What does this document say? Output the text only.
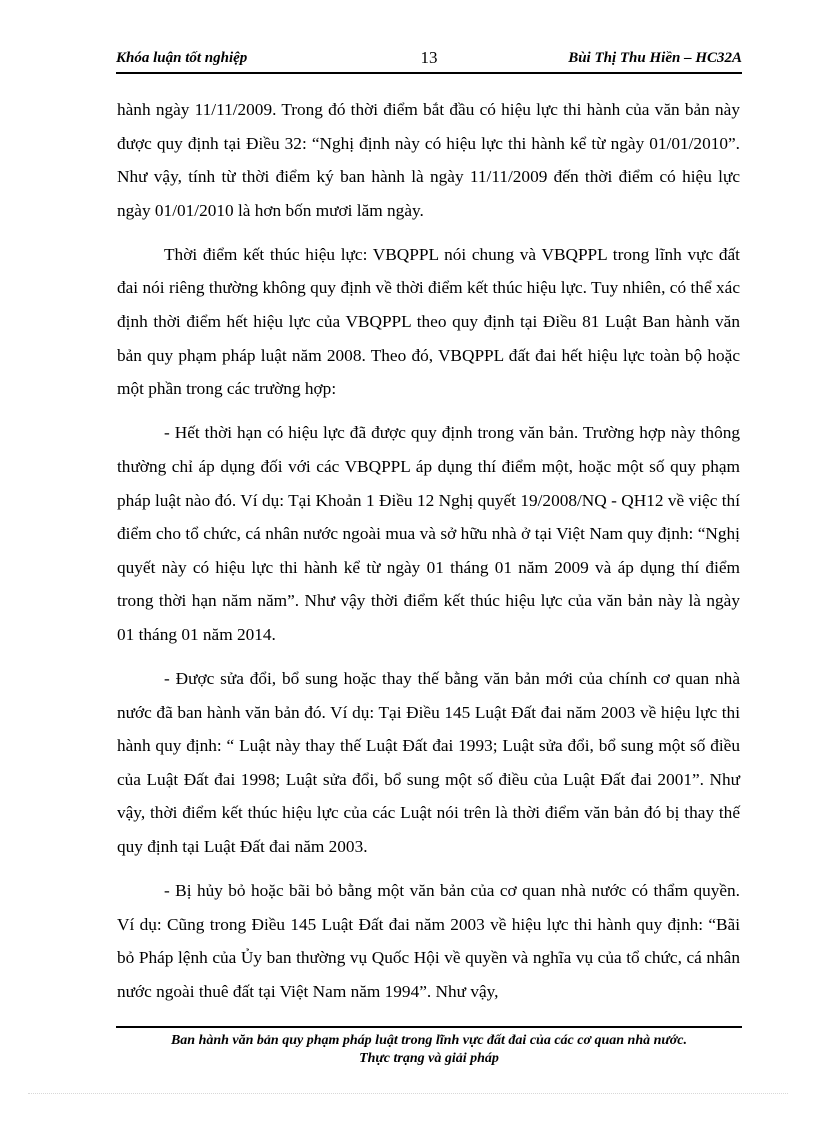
Khóa luận tốt nghiệp	13	Bùi Thị Thu Hiền – HC32A

hành ngày 11/11/2009. Trong đó thời điểm bắt đầu có hiệu lực thi hành của văn bản này được quy định tại Điều 32: “Nghị định này có hiệu lực thi hành kể từ ngày 01/01/2010”. Như vậy, tính từ thời điểm ký ban hành là ngày 11/11/2009 đến thời điểm có hiệu lực ngày 01/01/2010 là hơn bốn mươi lăm ngày.

Thời điểm kết thúc hiệu lực: VBQPPL nói chung và VBQPPL trong lĩnh vực đất đai nói riêng thường không quy định về thời điểm kết thúc hiệu lực. Tuy nhiên, có thể xác định thời điểm hết hiệu lực của VBQPPL theo quy định tại Điều 81 Luật Ban hành văn bản quy phạm pháp luật năm 2008. Theo đó, VBQPPL đất đai hết hiệu lực toàn bộ hoặc một phần trong các trường hợp:

- Hết thời hạn có hiệu lực đã được quy định trong văn bản. Trường hợp này thông thường chỉ áp dụng đối với các VBQPPL áp dụng thí điểm một, hoặc một số quy phạm pháp luật nào đó. Ví dụ: Tại Khoản 1 Điều 12 Nghị quyết 19/2008/NQ - QH12 về việc thí điểm cho tổ chức, cá nhân nước ngoài mua và sở hữu nhà ở tại Việt Nam quy định: “Nghị quyết này có hiệu lực thi hành kể từ ngày 01 tháng 01 năm 2009 và áp dụng thí điểm trong thời hạn năm năm”. Như vậy thời điểm kết thúc hiệu lực của văn bản này là ngày 01 tháng 01 năm 2014.

- Được sửa đổi, bổ sung hoặc thay thế bằng văn bản mới của chính cơ quan nhà nước đã ban hành văn bản đó. Ví dụ: Tại Điều 145 Luật Đất đai năm 2003 về hiệu lực thi hành quy định: “ Luật này thay thế Luật Đất đai 1993; Luật sửa đổi, bổ sung một số điều của Luật Đất đai 1998; Luật sửa đổi, bổ sung một số điều của Luật Đất đai 2001”. Như vậy, thời điểm kết thúc hiệu lực của các Luật nói trên là thời điểm văn bản đó bị thay thế quy định tại Luật Đất đai năm 2003.

- Bị hủy bỏ hoặc bãi bỏ bằng một văn bản của cơ quan nhà nước có thẩm quyền. Ví dụ: Cũng trong Điều 145 Luật Đất đai năm 2003 về hiệu lực thi hành quy định: “Bãi bỏ Pháp lệnh của Ủy ban thường vụ Quốc Hội về quyền và nghĩa vụ của tổ chức, cá nhân nước ngoài thuê đất tại Việt Nam năm 1994”. Như vậy,

Ban hành văn bản quy phạm pháp luật trong lĩnh vực đất đai của các cơ quan nhà nước.
Thực trạng và giải pháp
